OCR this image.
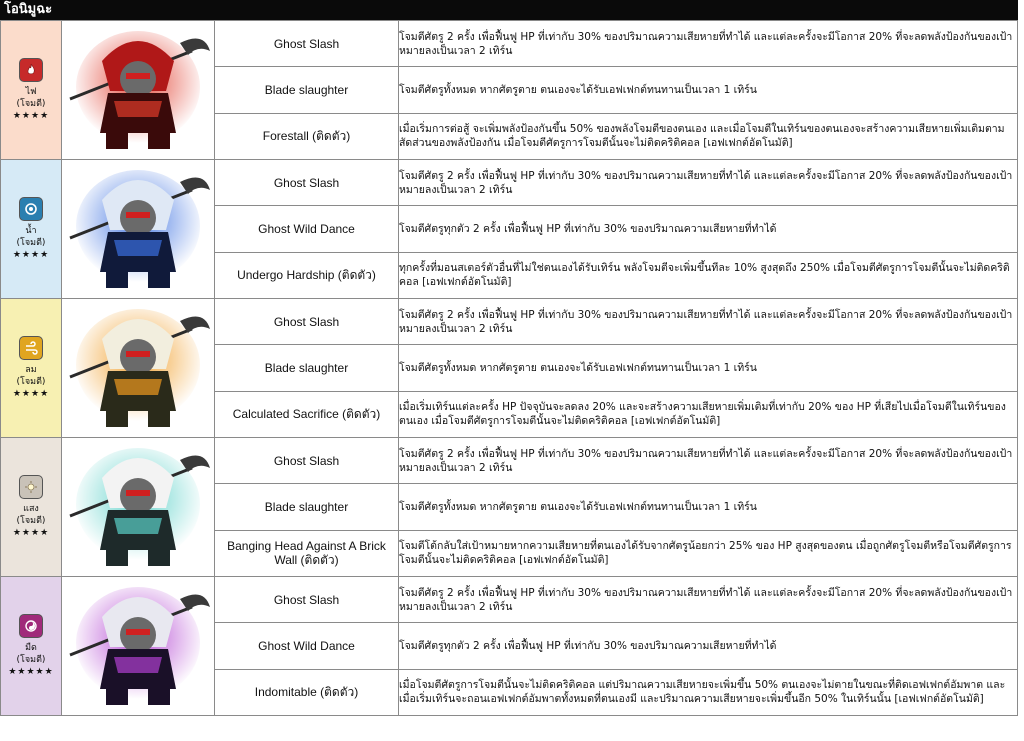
โอนิมูฉะ
ไฟ
(โจมตี)
★★★★		Ghost Slash	โจมตีศัตรู 2 ครั้ง เพื่อฟื้นฟู HP ที่เท่ากับ 30% ของปริมาณความเสียหายที่ทำได้ และแต่ละครั้งจะมีโอกาส 20% ที่จะลดพลังป้องกันของเป้าหมายลงเป็นเวลา 2 เทิร์น
		Blade slaughter	โจมตีศัตรูทั้งหมด หากศัตรูตาย ตนเองจะได้รับเอฟเฟกต์ทนทานเป็นเวลา 1 เทิร์น
		Forestall (ติดตัว)	เมื่อเริ่มการต่อสู้ จะเพิ่มพลังป้องกันขึ้น 50% ของพลังโจมตีของตนเอง และเมื่อโจมตีในเทิร์นของตนเองจะสร้างความเสียหายเพิ่มเติมตามสัดส่วนของพลังป้องกัน เมื่อโจมตีศัตรูการโจมตีนั้นจะไม่ติดคริติคอล [เอฟเฟกต์อัตโนมัติ]

น้ำ
(โจมตี)
★★★★		Ghost Slash	โจมตีศัตรู 2 ครั้ง เพื่อฟื้นฟู HP ที่เท่ากับ 30% ของปริมาณความเสียหายที่ทำได้ และแต่ละครั้งจะมีโอกาส 20% ที่จะลดพลังป้องกันของเป้าหมายลงเป็นเวลา 2 เทิร์น
		Ghost Wild Dance	โจมตีศัตรูทุกตัว 2 ครั้ง เพื่อฟื้นฟู HP ที่เท่ากับ 30% ของปริมาณความเสียหายที่ทำได้
		Undergo Hardship (ติดตัว)	ทุกครั้งที่มอนสเตอร์ตัวอื่นที่ไม่ใช่ตนเองได้รับเทิร์น พลังโจมตีจะเพิ่มขึ้นทีละ 10% สูงสุดถึง 250% เมื่อโจมตีศัตรูการโจมตีนั้นจะไม่ติดคริติคอล [เอฟเฟกต์อัตโนมัติ]

ลม
(โจมตี)
★★★★		Ghost Slash	โจมตีศัตรู 2 ครั้ง เพื่อฟื้นฟู HP ที่เท่ากับ 30% ของปริมาณความเสียหายที่ทำได้ และแต่ละครั้งจะมีโอกาส 20% ที่จะลดพลังป้องกันของเป้าหมายลงเป็นเวลา 2 เทิร์น
		Blade slaughter	โจมตีศัตรูทั้งหมด หากศัตรูตาย ตนเองจะได้รับเอฟเฟกต์ทนทานเป็นเวลา 1 เทิร์น
		Calculated Sacrifice (ติดตัว)	เมื่อเริ่มเทิร์นแต่ละครั้ง HP ปัจจุบันจะลดลง 20% และจะสร้างความเสียหายเพิ่มเติมที่เท่ากับ 20% ของ HP ที่เสียไปเมื่อโจมตีในเทิร์นของตนเอง เมื่อโจมตีศัตรูการโจมตีนั้นจะไม่ติดคริติคอล [เอฟเฟกต์อัตโนมัติ]

แสง
(โจมตี)
★★★★		Ghost Slash	โจมตีศัตรู 2 ครั้ง เพื่อฟื้นฟู HP ที่เท่ากับ 30% ของปริมาณความเสียหายที่ทำได้ และแต่ละครั้งจะมีโอกาส 20% ที่จะลดพลังป้องกันของเป้าหมายลงเป็นเวลา 2 เทิร์น
		Blade slaughter	โจมตีศัตรูทั้งหมด หากศัตรูตาย ตนเองจะได้รับเอฟเฟกต์ทนทานเป็นเวลา 1 เทิร์น
		Banging Head Against A Brick Wall (ติดตัว)	โจมตีโต้กลับใส่เป้าหมายหากความเสียหายที่ตนเองได้รับจากศัตรูน้อยกว่า 25% ของ HP สูงสุดของตน เมื่อถูกศัตรูโจมตีหรือโจมตีศัตรูการโจมตีนั้นจะไม่ติดคริติคอล [เอฟเฟกต์อัตโนมัติ]

มืด
(โจมตี)
★★★★★		Ghost Slash	โจมตีศัตรู 2 ครั้ง เพื่อฟื้นฟู HP ที่เท่ากับ 30% ของปริมาณความเสียหายที่ทำได้ และแต่ละครั้งจะมีโอกาส 20% ที่จะลดพลังป้องกันของเป้าหมายลงเป็นเวลา 2 เทิร์น
		Ghost Wild Dance	โจมตีศัตรูทุกตัว 2 ครั้ง เพื่อฟื้นฟู HP ที่เท่ากับ 30% ของปริมาณความเสียหายที่ทำได้
		Indomitable (ติดตัว)	เมื่อโจมตีศัตรูการโจมตีนั้นจะไม่ติดคริติคอล แต่ปริมาณความเสียหายจะเพิ่มขึ้น 50% ตนเองจะไม่ตายในขณะที่ติดเอฟเฟกต์อัมพาต และเมื่อเริ่มเทิร์นจะถอนเอฟเฟกต์อัมพาตทั้งหมดที่ตนเองมี และปริมาณความเสียหายจะเพิ่มขึ้นอีก 50% ในเทิร์นนั้น [เอฟเฟกต์อัตโนมัติ]
